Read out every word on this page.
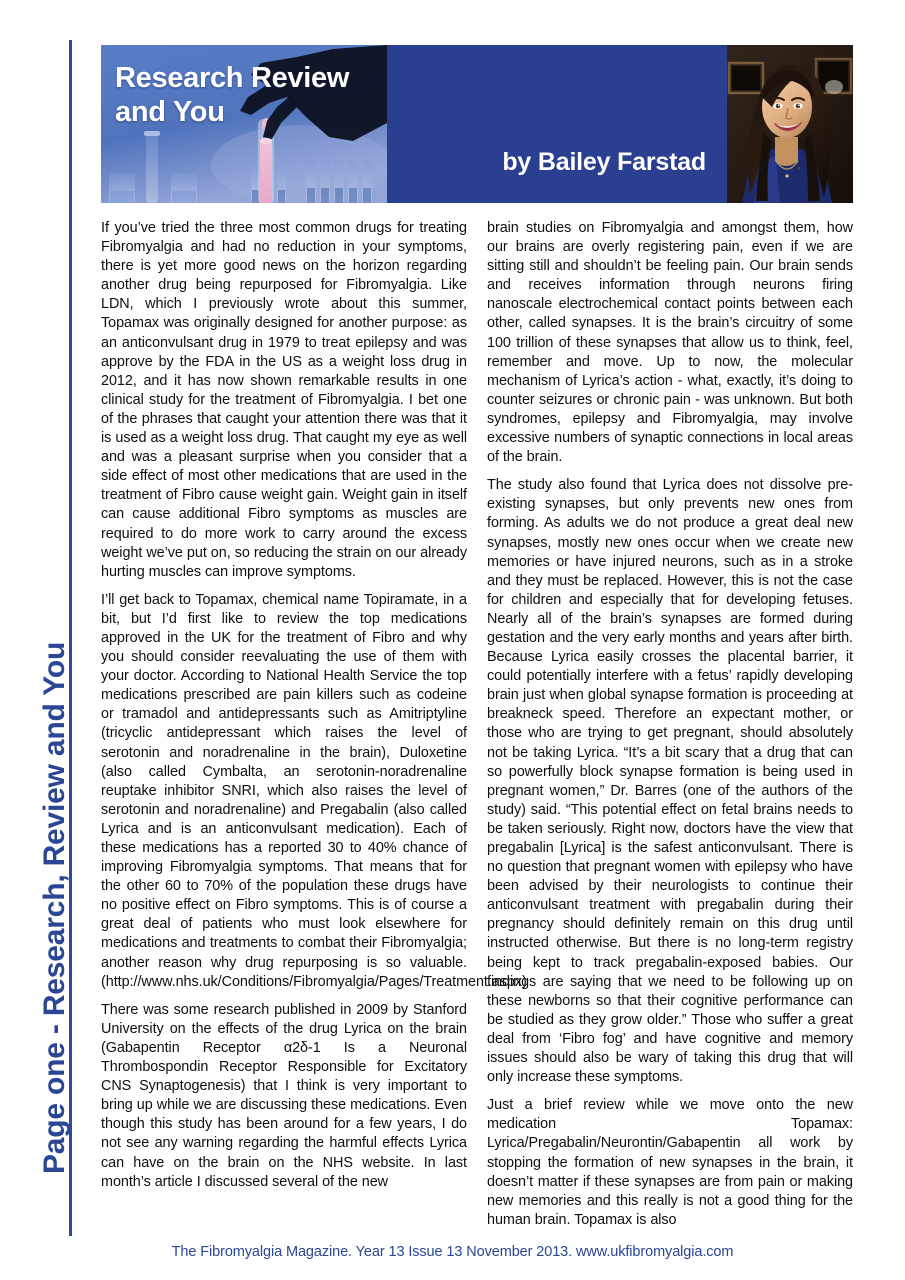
Page one - Research, Review and You
Research Review
and You
by Bailey Farstad

If you’ve tried the three most common drugs for treating Fibromyalgia and had no reduction in your symptoms, there is yet more good news on the horizon regarding another drug being repurposed for Fibromyalgia. Like LDN, which I previously wrote about this summer, Topamax was originally designed for another purpose: as an anticonvulsant drug in 1979 to treat epilepsy and was approve by the FDA in the US as a weight loss drug in 2012, and it has now shown remarkable results in one clinical study for the treatment of Fibromyalgia. I bet one of the phrases that caught your attention there was that it is used as a weight loss drug. That caught my eye as well and was a pleasant surprise when you consider that a side effect of most other medications that are used in the treatment of Fibro cause weight gain. Weight gain in itself can cause additional Fibro symptoms as muscles are required to do more work to carry around the excess weight we’ve put on, so reducing the strain on our already hurting muscles can improve symptoms.

I’ll get back to Topamax, chemical name Topiramate, in a bit, but I’d first like to review the top medications approved in the UK for the treatment of Fibro and why you should consider reevaluating the use of them with your doctor. According to National Health Service the top medications prescribed are pain killers such as codeine or tramadol and antidepressants such as Amitriptyline (tricyclic antidepressant which raises the level of serotonin and noradrenaline in the brain), Duloxetine (also called Cymbalta, an serotonin-noradrenaline reuptake inhibitor SNRI, which also raises the level of serotonin and noradrenaline) and Pregabalin (also called Lyrica and is an anticonvulsant medication). Each of these medications has a reported 30 to 40% chance of improving Fibromyalgia symptoms. That means that for the other 60 to 70% of the population these drugs have no positive effect on Fibro symptoms. This is of course a great deal of patients who must look elsewhere for medications and treatments to combat their Fibromyalgia; another reason why drug repurposing is so valuable. (http://www.nhs.uk/Conditions/Fibromyalgia/Pages/Treatment.aspx)

There was some research published in 2009 by Stanford University on the effects of the drug Lyrica on the brain (Gabapentin Receptor α2δ-1 Is a Neuronal Thrombospondin Receptor Responsible for Excitatory CNS Synaptogenesis) that I think is very important to bring up while we are discussing these medications. Even though this study has been around for a few years, I do not see any warning regarding the harmful effects Lyrica can have on the brain on the NHS website. In last month’s article I discussed several of the new

brain studies on Fibromyalgia and amongst them, how our brains are overly registering pain, even if we are sitting still and shouldn’t be feeling pain. Our brain sends and receives information through neurons firing nanoscale electrochemical contact points between each other, called synapses. It is the brain’s circuitry of some 100 trillion of these synapses that allow us to think, feel, remember and move. Up to now, the molecular mechanism of Lyrica’s action - what, exactly, it’s doing to counter seizures or chronic pain - was unknown. But both syndromes, epilepsy and Fibromyalgia, may involve excessive numbers of synaptic connections in local areas of the brain.

The study also found that Lyrica does not dissolve pre-existing synapses, but only prevents new ones from forming. As adults we do not produce a great deal new synapses, mostly new ones occur when we create new memories or have injured neurons, such as in a stroke and they must be replaced. However, this is not the case for children and especially that for developing fetuses. Nearly all of the brain’s synapses are formed during gestation and the very early months and years after birth. Because Lyrica easily crosses the placental barrier, it could potentially interfere with a fetus’ rapidly developing brain just when global synapse formation is proceeding at breakneck speed. Therefore an expectant mother, or those who are trying to get pregnant, should absolutely not be taking Lyrica. “It’s a bit scary that a drug that can so powerfully block synapse formation is being used in pregnant women,” Dr. Barres (one of the authors of the study) said. “This potential effect on fetal brains needs to be taken seriously. Right now, doctors have the view that pregabalin [Lyrica] is the safest anticonvulsant. There is no question that pregnant women with epilepsy who have been advised by their neurologists to continue their anticonvulsant treatment with pregabalin during their pregnancy should definitely remain on this drug until instructed otherwise. But there is no long-term registry being kept to track pregabalin-exposed babies. Our findings are saying that we need to be following up on these newborns so that their cognitive performance can be studied as they grow older.” Those who suffer a great deal from ‘Fibro fog’ and have cognitive and memory issues should also be wary of taking this drug that will only increase these symptoms.

Just a brief review while we move onto the new medication Topamax: Lyrica/Pregabalin/Neurontin/Gabapentin all work by stopping the formation of new synapses in the brain, it doesn’t matter if these synapses are from pain or making new memories and this really is not a good thing for the human brain. Topamax is also

The Fibromyalgia Magazine. Year 13 Issue 13 November 2013. www.ukfibromyalgia.com
